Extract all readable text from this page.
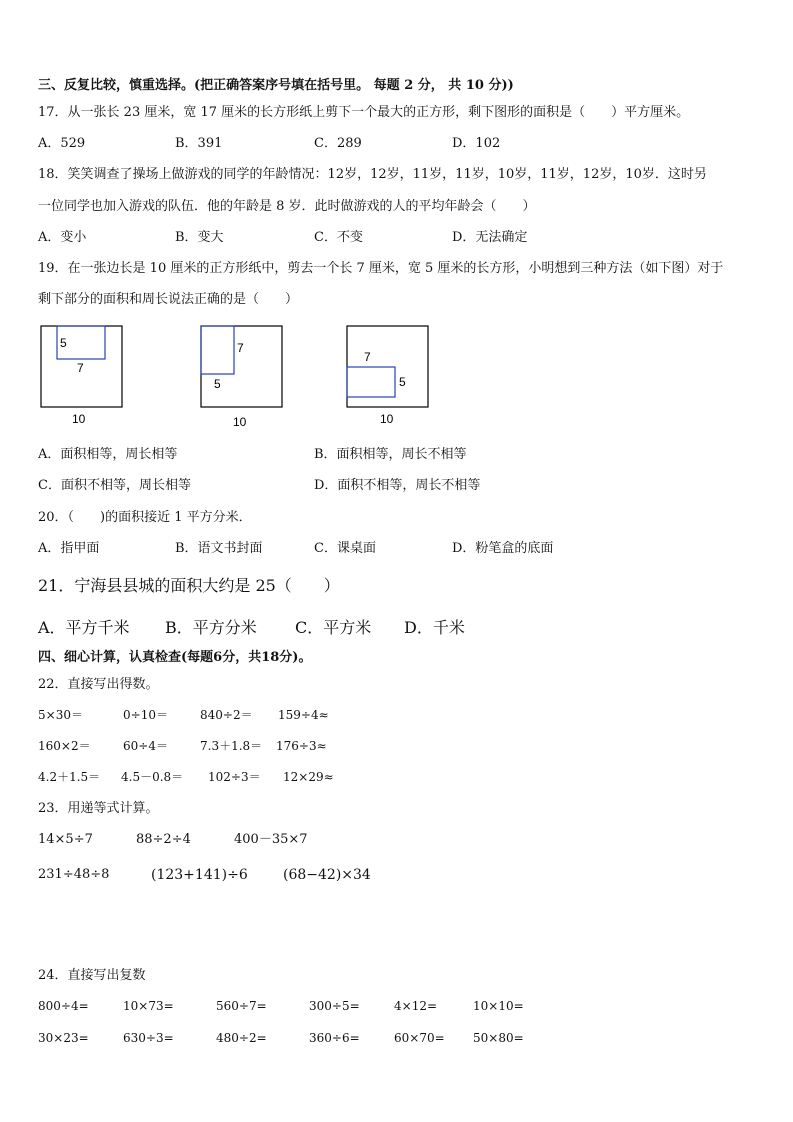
三、反复比较，慎重选择。(把正确答案序号填在括号里。 每题 2 分， 共 10 分))
17．从一张长 23 厘米，宽 17 厘米的长方形纸上剪下一个最大的正方形，剩下图形的面积是（　　）平方厘米。
A．529	B．391	C．289	D．102
18．笑笑调查了操场上做游戏的同学的年龄情况：12岁，12岁，11岁，11岁，10岁，11岁，12岁，10岁．这时另
一位同学也加入游戏的队伍．他的年龄是 8 岁．此时做游戏的人的平均年龄会（　　）
A．变小	B．变大	C．不变	D．无法确定
19．在一张边长是 10 厘米的正方形纸中，剪去一个长 7 厘米，宽 5 厘米的长方形，小明想到三种方法（如下图）对于
剩下部分的面积和周长说法正确的是（　　）
5
7
10
7
5
10
7
5
10
A．面积相等，周长相等	B．面积相等，周长不相等
C．面积不相等，周长相等	D．面积不相等，周长不相等
20．（　　)的面积接近 1 平方分米．
A．指甲面	B．语文书封面	C．课桌面	D．粉笔盒的底面
21．宁海县县城的面积大约是 25（　　）
A．平方千米 B．平方分米 C．平方米 D．千米
四、细心计算，认真检查(每题6分，共18分)。
22．直接写出得数。
5×30＝	0÷10＝	840÷2＝ 159÷4≈
160×2＝	60÷4＝	7.3＋1.8＝ 176÷3≈
4.2＋1.5＝ 4.5－0.8＝ 102÷3＝ 12×29≈
23．用递等式计算。
14×5÷7	88÷2÷4	400－35×7
231÷48÷8	(123+141)÷6	(68−42)×34
24．直接写出复数
800÷4=	10×73=	560÷7=	300÷5=	4×12=	10×10=
30×23=	630÷3=	480÷2=	360÷6=	60×70= 50×80=
